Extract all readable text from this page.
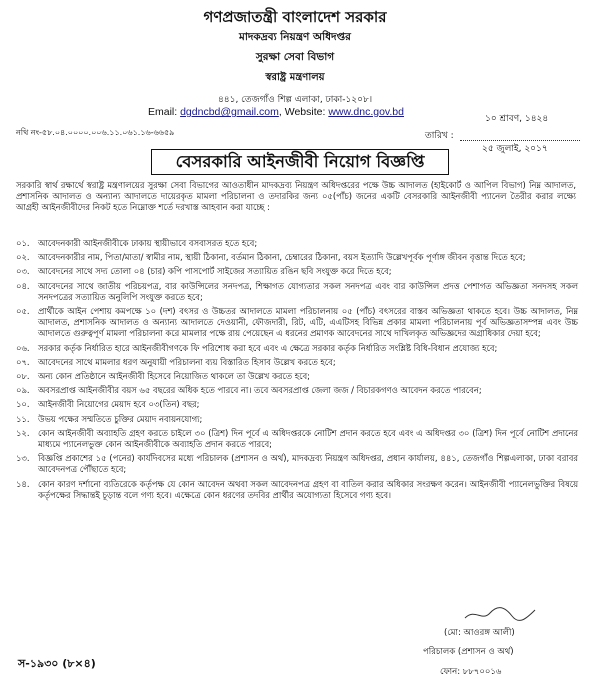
গণপ্রজাতন্ত্রী বাংলাদেশ সরকার
মাদকদ্রব্য নিয়ন্ত্রণ অধিদপ্তর
সুরক্ষা সেবা বিভাগ
স্বরাষ্ট্র মন্ত্রণালয়
৪৪১, তেজগাঁও শিল্প এলাকা, ঢাকা-১২০৮।
Email: dgdncbd@gmail.com, Website: www.dnc.gov.bd
১০ শ্রাবণ, ১৪২৪
নথি নং-৫৮.০৪.০০০০.০০৬.১১.০৬১.১৬-৬৬৫৯	তারিখ :
২৫ জুলাই, ২০১৭
বেসরকারি আইনজীবী নিয়োগ বিজ্ঞপ্তি
সরকারি স্বার্থ রক্ষার্থে স্বরাষ্ট্র মন্ত্রণালয়ের সুরক্ষা সেবা বিভাগের আওতাধীন মাদকদ্রব্য নিয়ন্ত্রণ অধিদপ্তরের পক্ষে উচ্চ আদালত (হাইকোর্ট ও আপিল বিভাগ) নিম্ন আদালত, প্রশাসনিক আদালত ও অন্যান্য আদালতে দায়েরকৃত মামলা পরিচালনা ও তদারকির জন্য ০৫(পাঁচ) জনের একটি বেসরকারি আইনজীবী প্যানেল তৈরীর করার লক্ষ্যে আগ্রহী আইনজীবীদের নিকট হতে নিম্নোক্ত শর্তে দরখাস্ত আহবান করা যাচ্ছে :
০১.	আবেদনকারী আইনজীবীকে ঢাকায় স্থায়ীভাবে বসবাসরত হতে হবে;
০২.	আবেদনকারীর নাম, পিতা/মাতা/ স্বামীর নাম, স্থায়ী ঠিকানা, বর্তমান ঠিকানা, চেম্বারের ঠিকানা, বয়স ইত্যাদি উল্লেখপূর্বক পূর্ণাঙ্গ জীবন বৃত্তান্ত দিতে হবে;
০৩.	আবেদনের সাথে সদ্য তোলা ০৪ (চার) কপি পাসপোর্ট সাইজের সত্যায়িত রঙিন ছবি সংযুক্ত করে দিতে হবে;
০৪.	আবেদনের সাথে জাতীয় পরিচয়পত্র, বার কাউন্সিলের সনদপত্র, শিক্ষাগত যোগ্যতার সকল সনদপত্র এবং বার কাউন্সিল প্রদত্ত পেশাগত অভিজ্ঞতা সনদসহ সকল সনদপত্রের সত্যায়িত অনুলিপি সংযুক্ত করতে হবে;
০৫.	প্রার্থীকে আইন পেশায় কমপক্ষে ১০ (দশ) বৎসর ও উচ্চতর আদালতে মামলা পরিচালনায় ০৫ (পাঁচ) বৎসরের বাস্তব অভিজ্ঞতা থাকতে হবে। উচ্চ আদালত, নিম্ন আদালত, প্রশাসনিক আদালত ও অন্যান্য আদালতে দেওয়ানী, ফৌজদারী, রিট, এটি, এএটিসহ বিভিন্ন প্রকার মামলা পরিচালনায় পূর্ব অভিজ্ঞতাসম্পন্ন এবং উচ্চ আদালতে গুরুত্বপূর্ণ মামলা পরিচালনা করে মামলার পক্ষে রায় পেয়েছেন এ ধরনের প্রমাণক আবেদনের সাথে দাখিলকৃত অভিজ্ঞদের অগ্রাধিকার দেয়া হবে;
০৬.	সরকার কর্তৃক নির্ধারিত হারে আইনজীবীগণকে ফি পরিশোধ করা হবে এবং এ ক্ষেত্রে সরকার কর্তৃক নির্ধারিত সংশ্লিষ্ট বিধি-বিধান প্রযোজ্য হবে;
০৭.	আবেদনের সাথে মামলার ধরণ অনুযায়ী পরিচালনা ব্যয় বিস্তারিত হিসাব উল্লেখ করতে হবে;
০৮.	অন্য কোন প্রতিষ্ঠানে আইনজীবী হিসেবে নিয়োজিত থাকলে তা উল্লেখ করতে হবে;
০৯.	অবসরপ্রাপ্ত আইনজীবীর বয়স ৬৫ বছরের অধিক হতে পারবে না। তবে অবসরপ্রাপ্ত জেলা জজ / বিচারকগণও আবেদন করতে পারবেন;
১০.	আইনজীবী নিয়োগের মেয়াদ হবে ০৩(তিন) বছর;
১১.	উভয় পক্ষের সম্মতিতে চুক্তির মেয়াদ নবায়নযোগ্য;
১২.	কোন আইনজীবী অব্যাহতি গ্রহণ করতে চাইলে ৩০ (ত্রিশ) দিন পূর্বে এ অধিদপ্তরকে নোটিশ প্রদান করতে হবে এবং এ অধিদপ্তর ৩০ (ত্রিশ) দিন পূর্বে নোটিশ প্রদানের মাধ্যমে প্যানেলভুক্ত কোন আইনজীবীকে অব্যাহতি প্রদান করতে পারবে;
১৩.	বিজ্ঞপ্তি প্রকাশের ১৫ (পনের) কার্যদিবসের মধ্যে পরিচালক (প্রশাসন ও অর্থ), মাদকদ্রব্য নিয়ন্ত্রণ অধিদপ্তর, প্রধান কার্যালয়, ৪৪১, তেজগাঁও শিল্পএলাকা, ঢাকা বরাবর আবেদনপত্র পৌঁছাতে হবে;
১৪.	কোন কারণ দর্শানো ব্যতিরেকে কর্তৃপক্ষ যে কোন আবেদন অথবা সকল আবেদনপত্র গ্রহণ বা বাতিল করার অধিকার সংরক্ষণ করেন। আইনজীবী প্যানেলভুক্তির বিষয়ে কর্তৃপক্ষের সিদ্ধান্তই চূড়ান্ত বলে গণ্য হবে। এক্ষেত্রে কোন ধরণের তদবির প্রার্থীর অযোগ্যতা হিসেবে গণ্য হবে।
(মো: আওরঙ্গ আলী)
পরিচালক (প্রশাসন ও অর্থ)
ফোন: ৮৮৭০০১৬
স-১৯৩০ (৮×৪)
